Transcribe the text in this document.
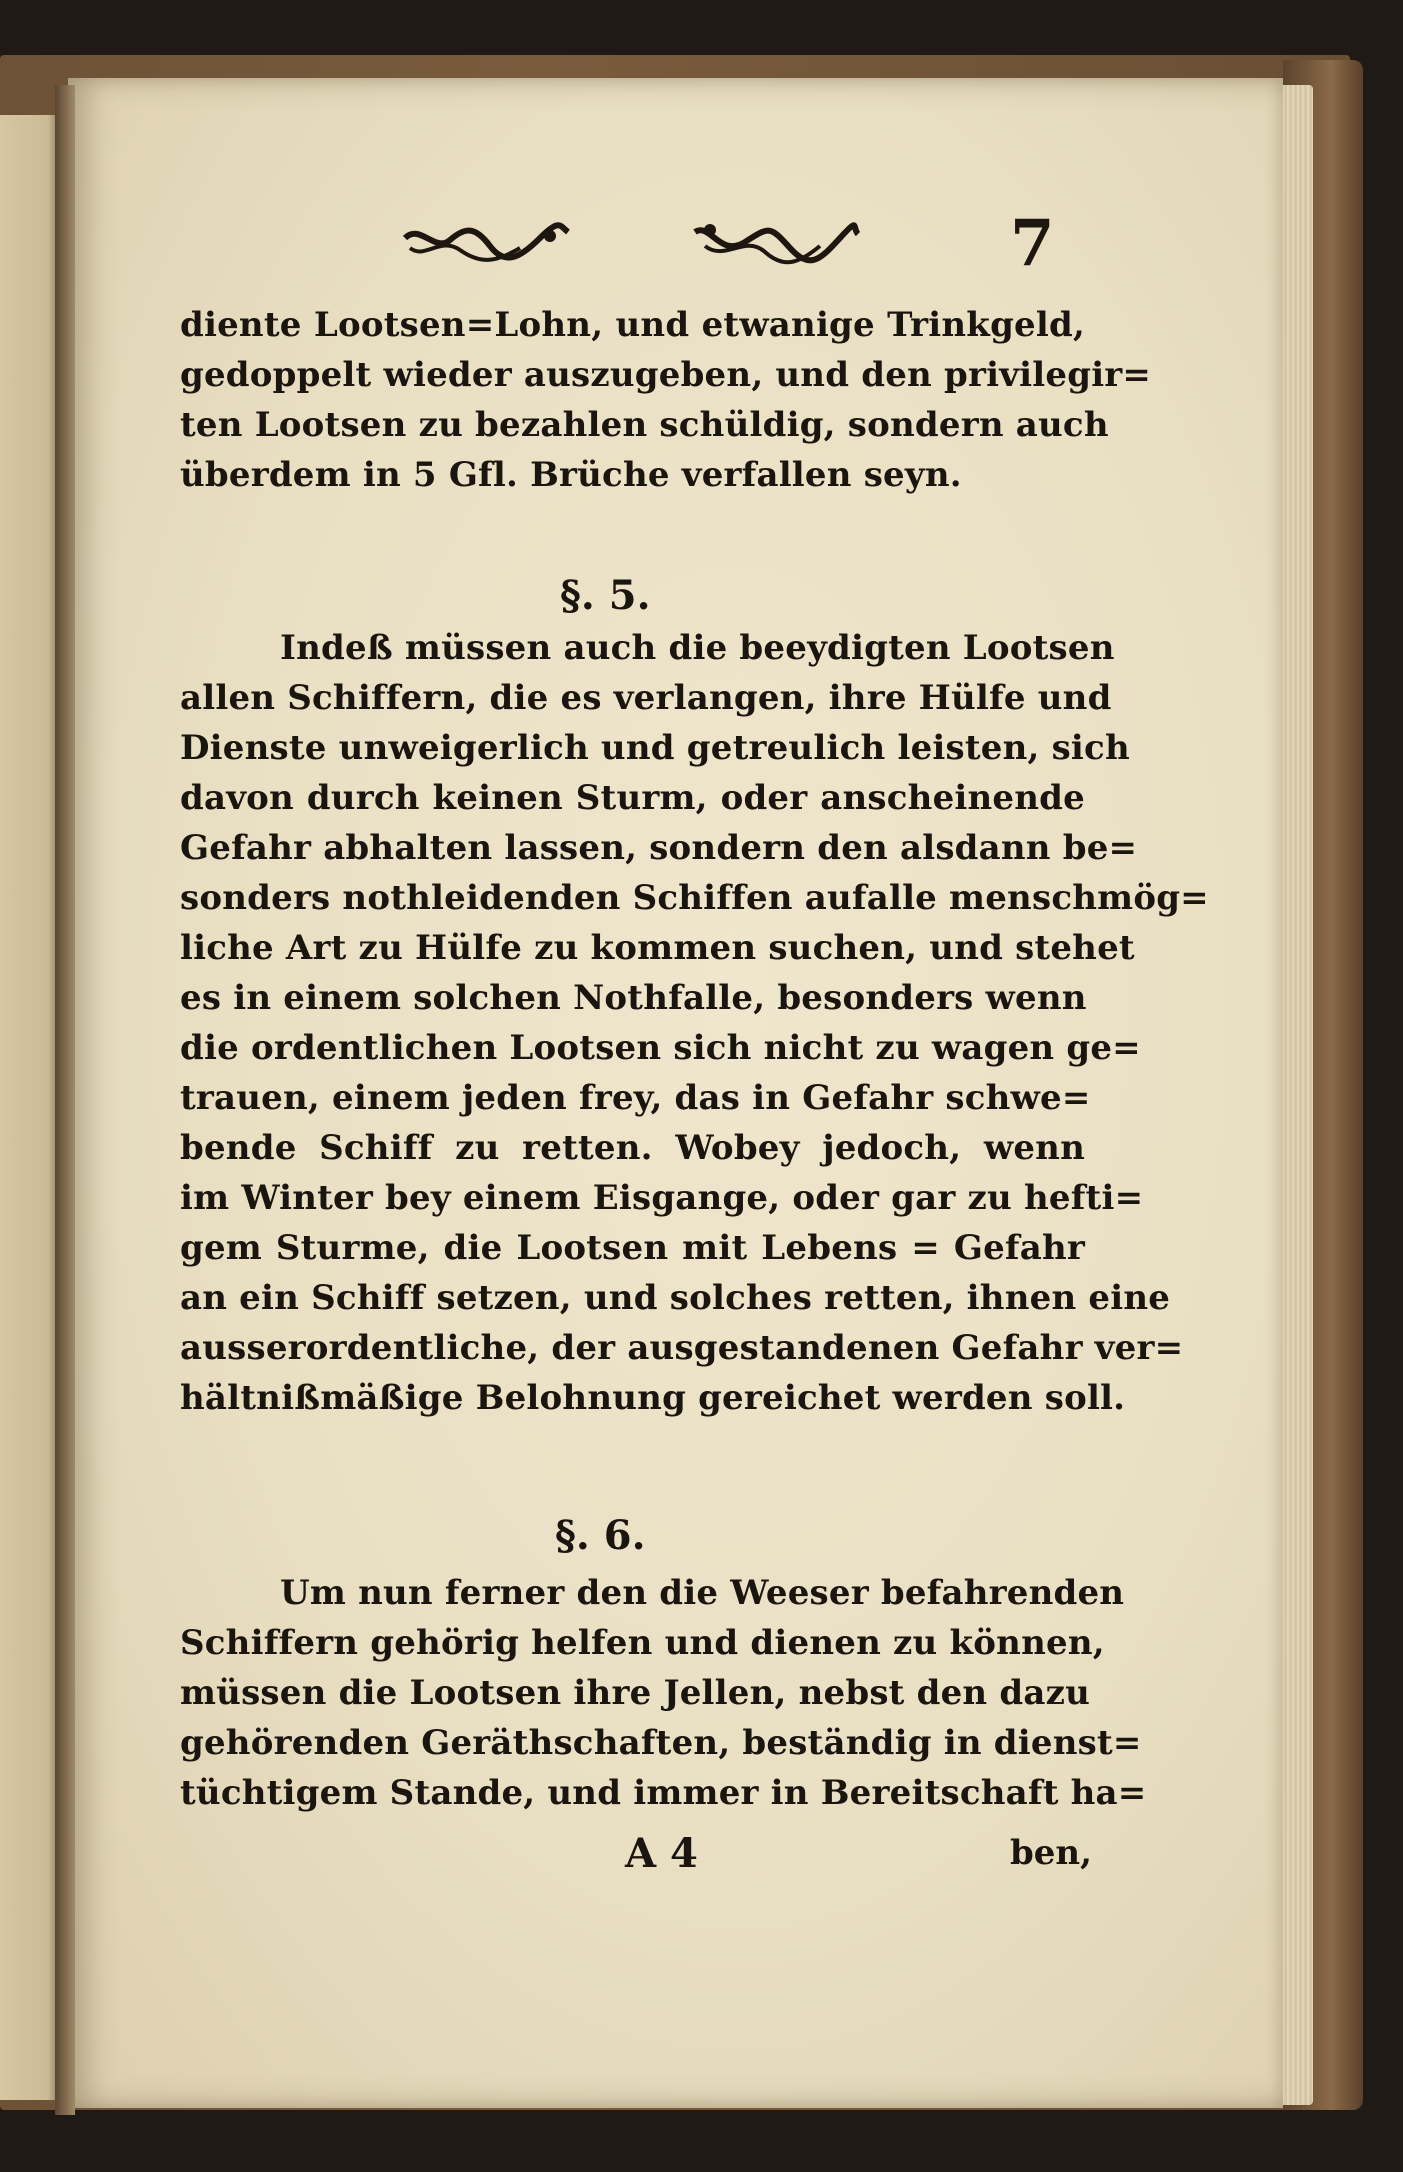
7
diente Lootsen=Lohn, und etwanige Trinkgeld,
gedoppelt wieder auszugeben, und den privilegir=
ten Lootsen zu bezahlen schüldig, sondern auch
überdem in 5 Gfl. Brüche verfallen seyn.
§. 5.
Indeß müssen auch die beeydigten Lootsen
allen Schiffern, die es verlangen, ihre Hülfe und
Dienste unweigerlich und getreulich leisten, sich
davon durch keinen Sturm, oder anscheinende
Gefahr abhalten lassen, sondern den alsdann be=
sonders nothleidenden Schiffen aufalle menschmög=
liche Art zu Hülfe zu kommen suchen, und stehet
es in einem solchen Nothfalle, besonders wenn
die ordentlichen Lootsen sich nicht zu wagen ge=
trauen, einem jeden frey, das in Gefahr schwe=
bende Schiff zu retten. Wobey jedoch, wenn
im Winter bey einem Eisgange, oder gar zu hefti=
gem Sturme, die Lootsen mit Lebens = Gefahr
an ein Schiff setzen, und solches retten, ihnen eine
ausserordentliche, der ausgestandenen Gefahr ver=
hältnißmäßige Belohnung gereichet werden soll.
§. 6.
Um nun ferner den die Weeser befahrenden
Schiffern gehörig helfen und dienen zu können,
müssen die Lootsen ihre Jellen, nebst den dazu
gehörenden Geräthschaften, beständig in dienst=
tüchtigem Stande, und immer in Bereitschaft ha=
A 4	ben,
